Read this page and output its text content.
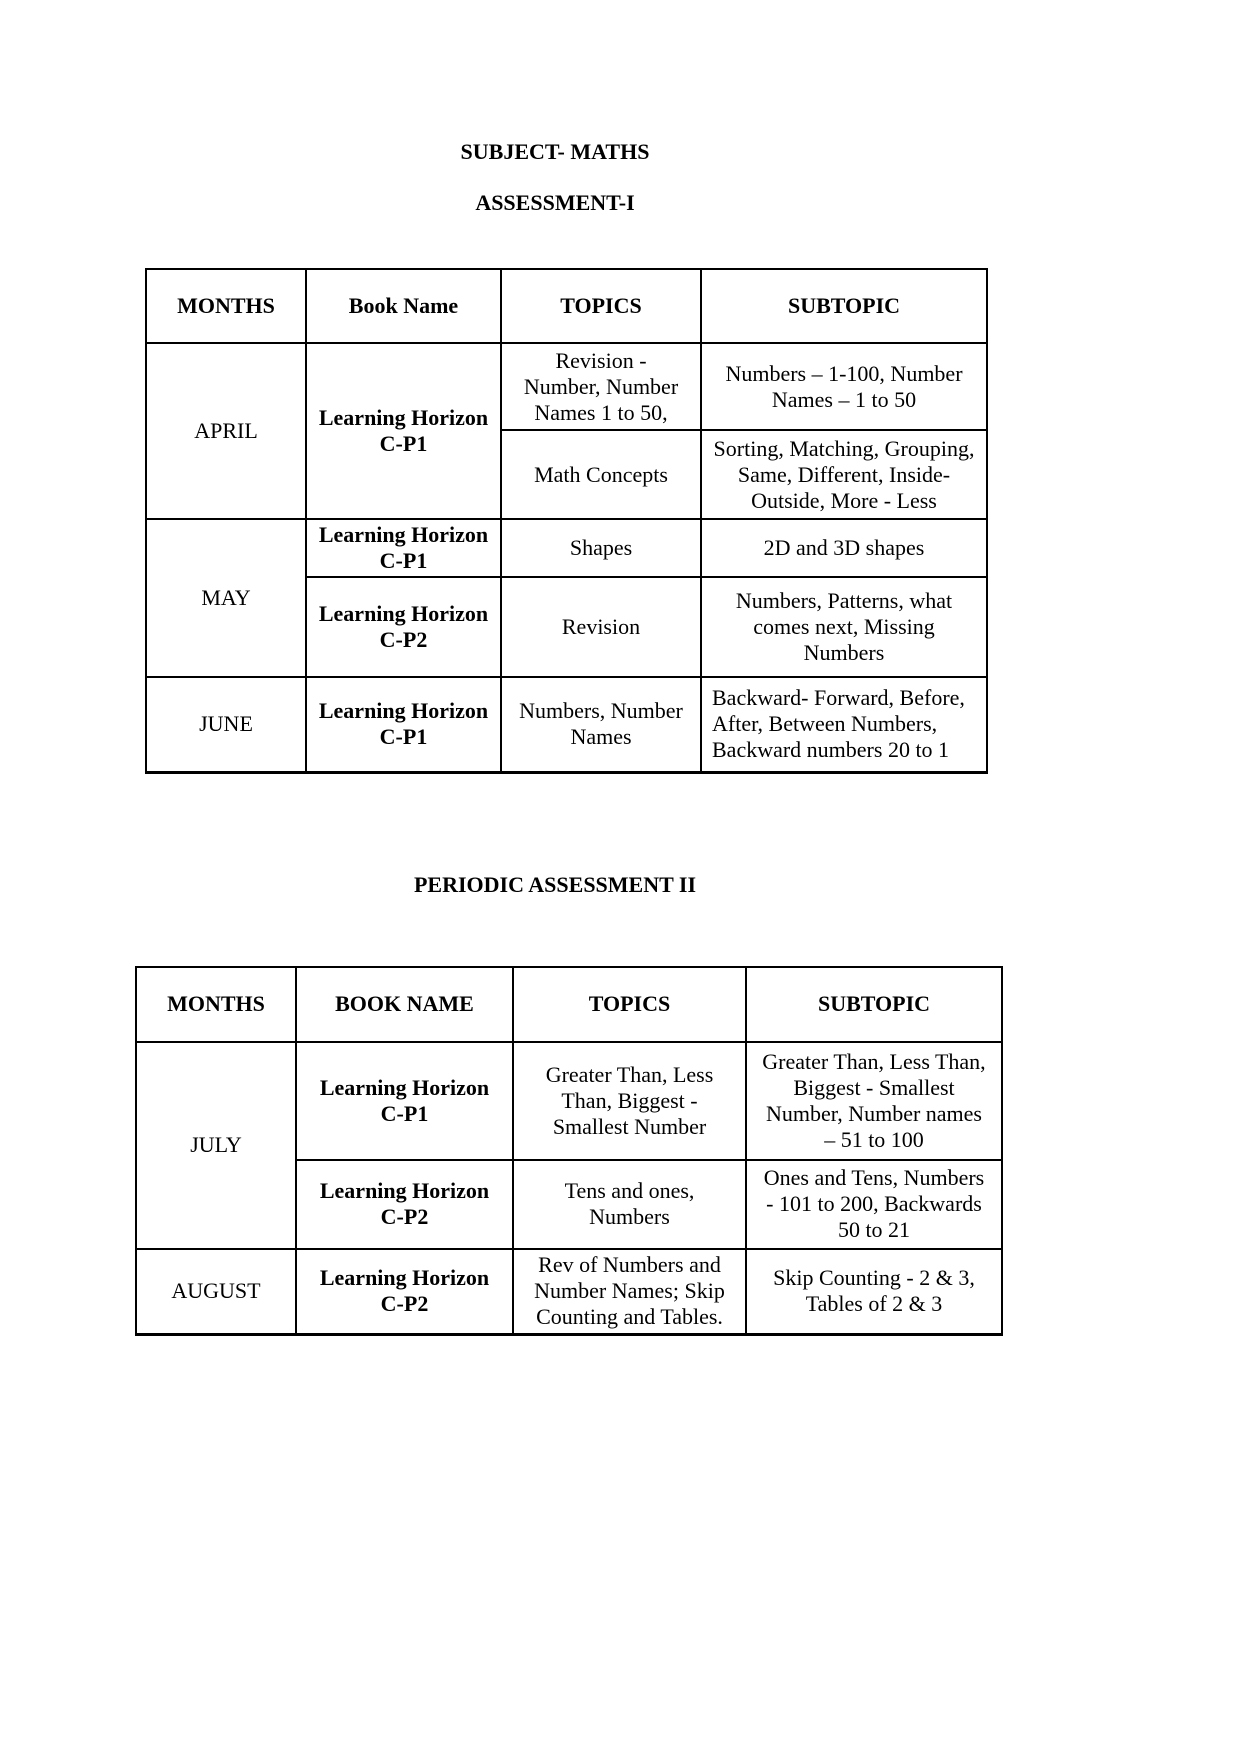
SUBJECT- MATHS
ASSESSMENT-I
MONTHS	Book Name	TOPICS	SUBTOPIC
APRIL	Learning Horizon C-P1	Revision - Number, Number Names 1 to 50,	Numbers – 1-100, Number Names – 1 to 50
		Math Concepts	Sorting, Matching, Grouping, Same, Different, Inside-Outside, More - Less
MAY	Learning Horizon C-P1	Shapes	2D and 3D shapes
	Learning Horizon C-P2	Revision	Numbers, Patterns, what comes next, Missing Numbers
JUNE	Learning Horizon C-P1	Numbers, Number Names	Backward- Forward, Before, After, Between Numbers, Backward numbers 20 to 1
PERIODIC ASSESSMENT II
MONTHS	BOOK NAME	TOPICS	SUBTOPIC
JULY	Learning Horizon C-P1	Greater Than, Less Than, Biggest - Smallest Number	Greater Than, Less Than, Biggest - Smallest Number, Number names – 51 to 100
	Learning Horizon C-P2	Tens and ones, Numbers	Ones and Tens, Numbers - 101 to 200, Backwards 50 to 21
AUGUST	Learning Horizon C-P2	Rev of Numbers and Number Names; Skip Counting and Tables.	Skip Counting - 2 & 3, Tables of 2 & 3
